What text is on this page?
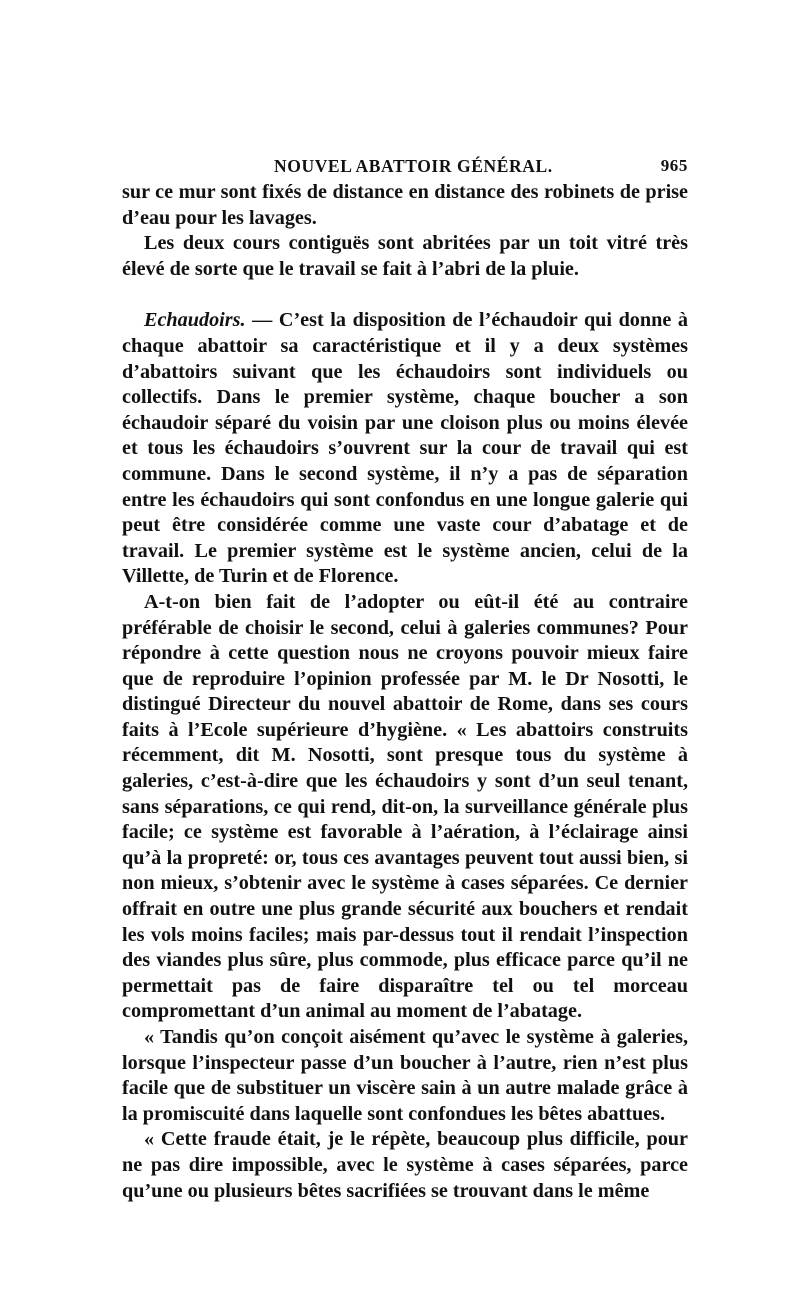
NOUVEL ABATTOIR GÉNÉRAL.	965

sur ce mur sont fixés de distance en distance des robinets de prise d’eau pour les lavages.

Les deux cours contiguës sont abritées par un toit vitré très élevé de sorte que le travail se fait à l’abri de la pluie.

Echaudoirs. — C’est la disposition de l’échaudoir qui donne à chaque abattoir sa caractéristique et il y a deux systèmes d’abattoirs suivant que les échaudoirs sont individuels ou collectifs. Dans le premier système, chaque boucher a son échaudoir séparé du voisin par une cloison plus ou moins élevée et tous les échaudoirs s’ouvrent sur la cour de travail qui est commune. Dans le second système, il n’y a pas de séparation entre les échaudoirs qui sont confondus en une longue galerie qui peut être considérée comme une vaste cour d’abatage et de travail. Le premier système est le système ancien, celui de la Villette, de Turin et de Florence.

A-t-on bien fait de l’adopter ou eût-il été au contraire préférable de choisir le second, celui à galeries communes? Pour répondre à cette question nous ne croyons pouvoir mieux faire que de reproduire l’opinion professée par M. le Dr Nosotti, le distingué Directeur du nouvel abattoir de Rome, dans ses cours faits à l’Ecole supérieure d’hygiène. « Les abattoirs construits récemment, dit M. Nosotti, sont presque tous du système à galeries, c’est-à-dire que les échaudoirs y sont d’un seul tenant, sans séparations, ce qui rend, dit-on, la surveillance générale plus facile; ce système est favorable à l’aération, à l’éclairage ainsi qu’à la propreté: or, tous ces avantages peuvent tout aussi bien, si non mieux, s’obtenir avec le système à cases séparées. Ce dernier offrait en outre une plus grande sécurité aux bouchers et rendait les vols moins faciles; mais par-dessus tout il rendait l’inspection des viandes plus sûre, plus commode, plus efficace parce qu’il ne permettait pas de faire disparaître tel ou tel morceau compromettant d’un animal au moment de l’abatage.

« Tandis qu’on conçoit aisément qu’avec le système à galeries, lorsque l’inspecteur passe d’un boucher à l’autre, rien n’est plus facile que de substituer un viscère sain à un autre malade grâce à la promiscuité dans laquelle sont confondues les bêtes abattues.

« Cette fraude était, je le répète, beaucoup plus difficile, pour ne pas dire impossible, avec le système à cases séparées, parce qu’une ou plusieurs bêtes sacrifiées se trouvant dans le même
